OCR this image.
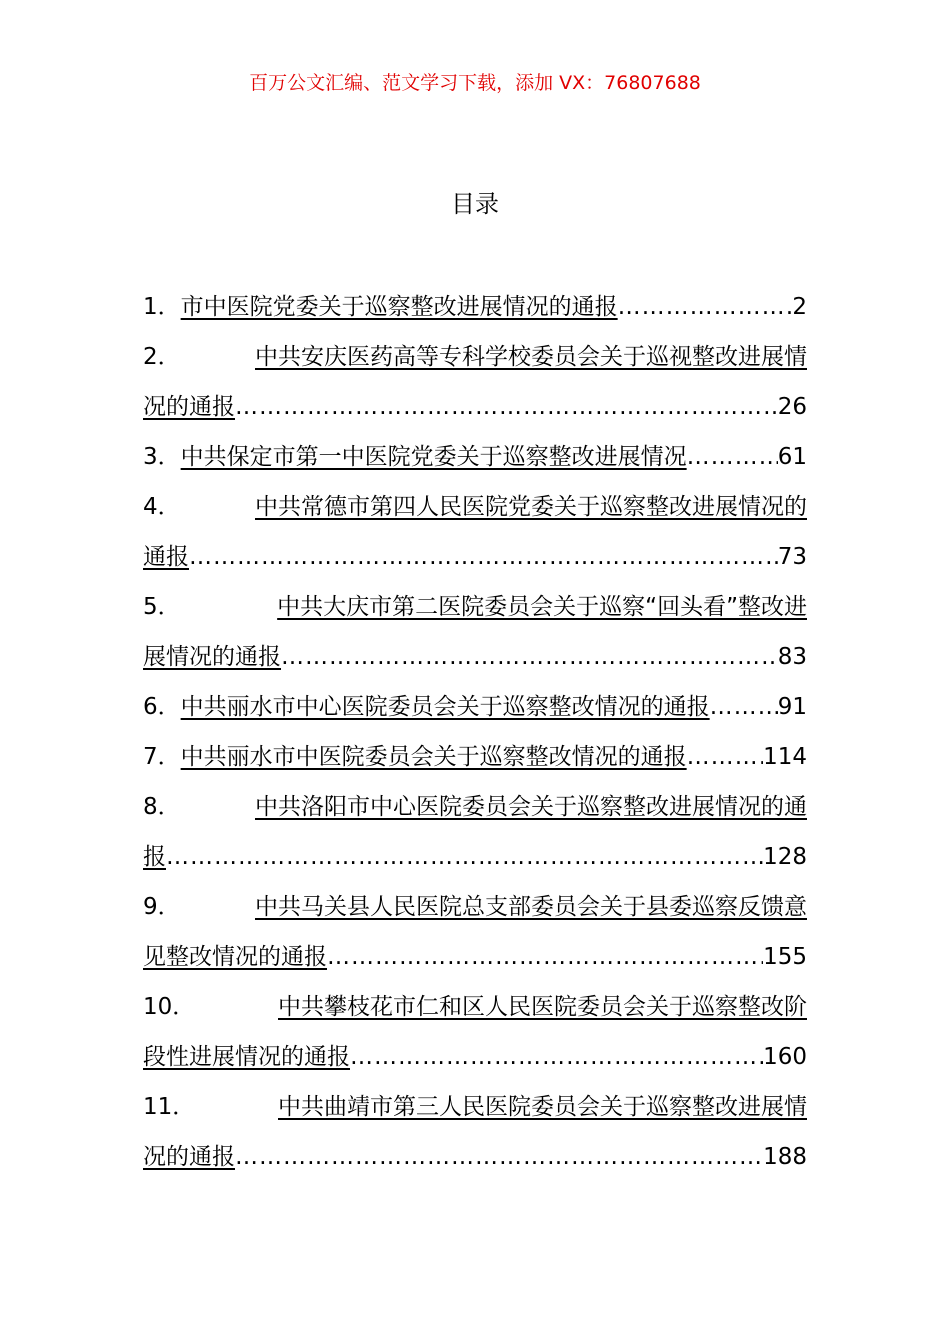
百万公文汇编、范文学习下载，添加 VX：76807688
目录
1． 市中医院党委关于巡察整改进展情况的通报 ………………………………………………………………………………………………………………………………………………………………………………	2
2．	中共安庆医药高等专科学校委员会关于巡视整改进展情
况的通报 ………………………………………………………………………………………………………………………………………………………………………………	26
3． 中共保定市第一中医院党委关于巡察整改进展情况 ………………………………………………………………………………………………………………………………………………………………………………	61
4．	中共常德市第四人民医院党委关于巡察整改进展情况的
通报 ………………………………………………………………………………………………………………………………………………………………………………	73
5．	中共大庆市第二医院委员会关于巡察“回头看”整改进
展情况的通报 ………………………………………………………………………………………………………………………………………………………………………………	83
6． 中共丽水市中心医院委员会关于巡察整改情况的通报 ………………………………………………………………………………………………………………………………………………………………………………	91
7． 中共丽水市中医院委员会关于巡察整改情况的通报 ………………………………………………………………………………………………………………………………………………………………………………	114
8．	中共洛阳市中心医院委员会关于巡察整改进展情况的通
报 ………………………………………………………………………………………………………………………………………………………………………………	128
9．	中共马关县人民医院总支部委员会关于县委巡察反馈意
见整改情况的通报 ………………………………………………………………………………………………………………………………………………………………………………	155
10．	中共攀枝花市仁和区人民医院委员会关于巡察整改阶
段性进展情况的通报 ………………………………………………………………………………………………………………………………………………………………………………	160
11．	中共曲靖市第三人民医院委员会关于巡察整改进展情
况的通报 ………………………………………………………………………………………………………………………………………………………………………………	188
